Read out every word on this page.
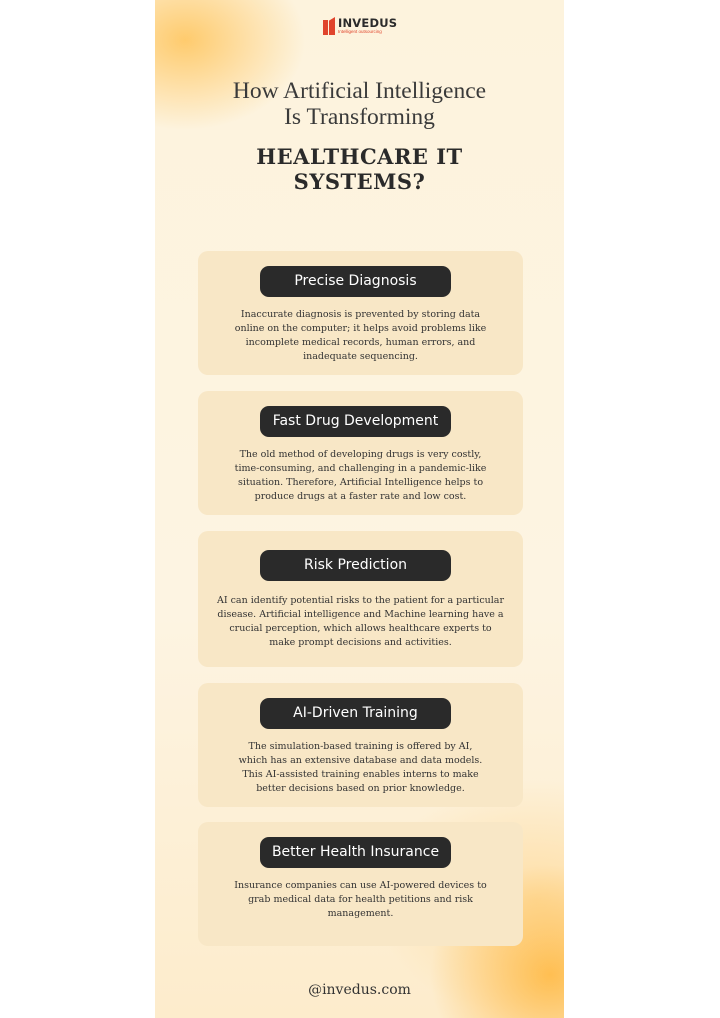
INVEDUS
Intelligent outsourcing
How Artificial Intelligence
Is Transforming
HEALTHCARE IT
SYSTEMS?
Precise Diagnosis
Inaccurate diagnosis is prevented by storing data
online on the computer; it helps avoid problems like
incomplete medical records, human errors, and
inadequate sequencing.
Fast Drug Development
The old method of developing drugs is very costly,
time-consuming, and challenging in a pandemic-like
situation. Therefore, Artificial Intelligence helps to
produce drugs at a faster rate and low cost.
Risk Prediction
AI can identify potential risks to the patient for a particular
disease. Artificial intelligence and Machine learning have a
crucial perception, which allows healthcare experts to
make prompt decisions and activities.
AI-Driven Training
The simulation-based training is offered by AI,
which has an extensive database and data models.
This AI-assisted training enables interns to make
better decisions based on prior knowledge.
Better Health Insurance
Insurance companies can use AI-powered devices to
grab medical data for health petitions and risk
management.
@invedus.com
